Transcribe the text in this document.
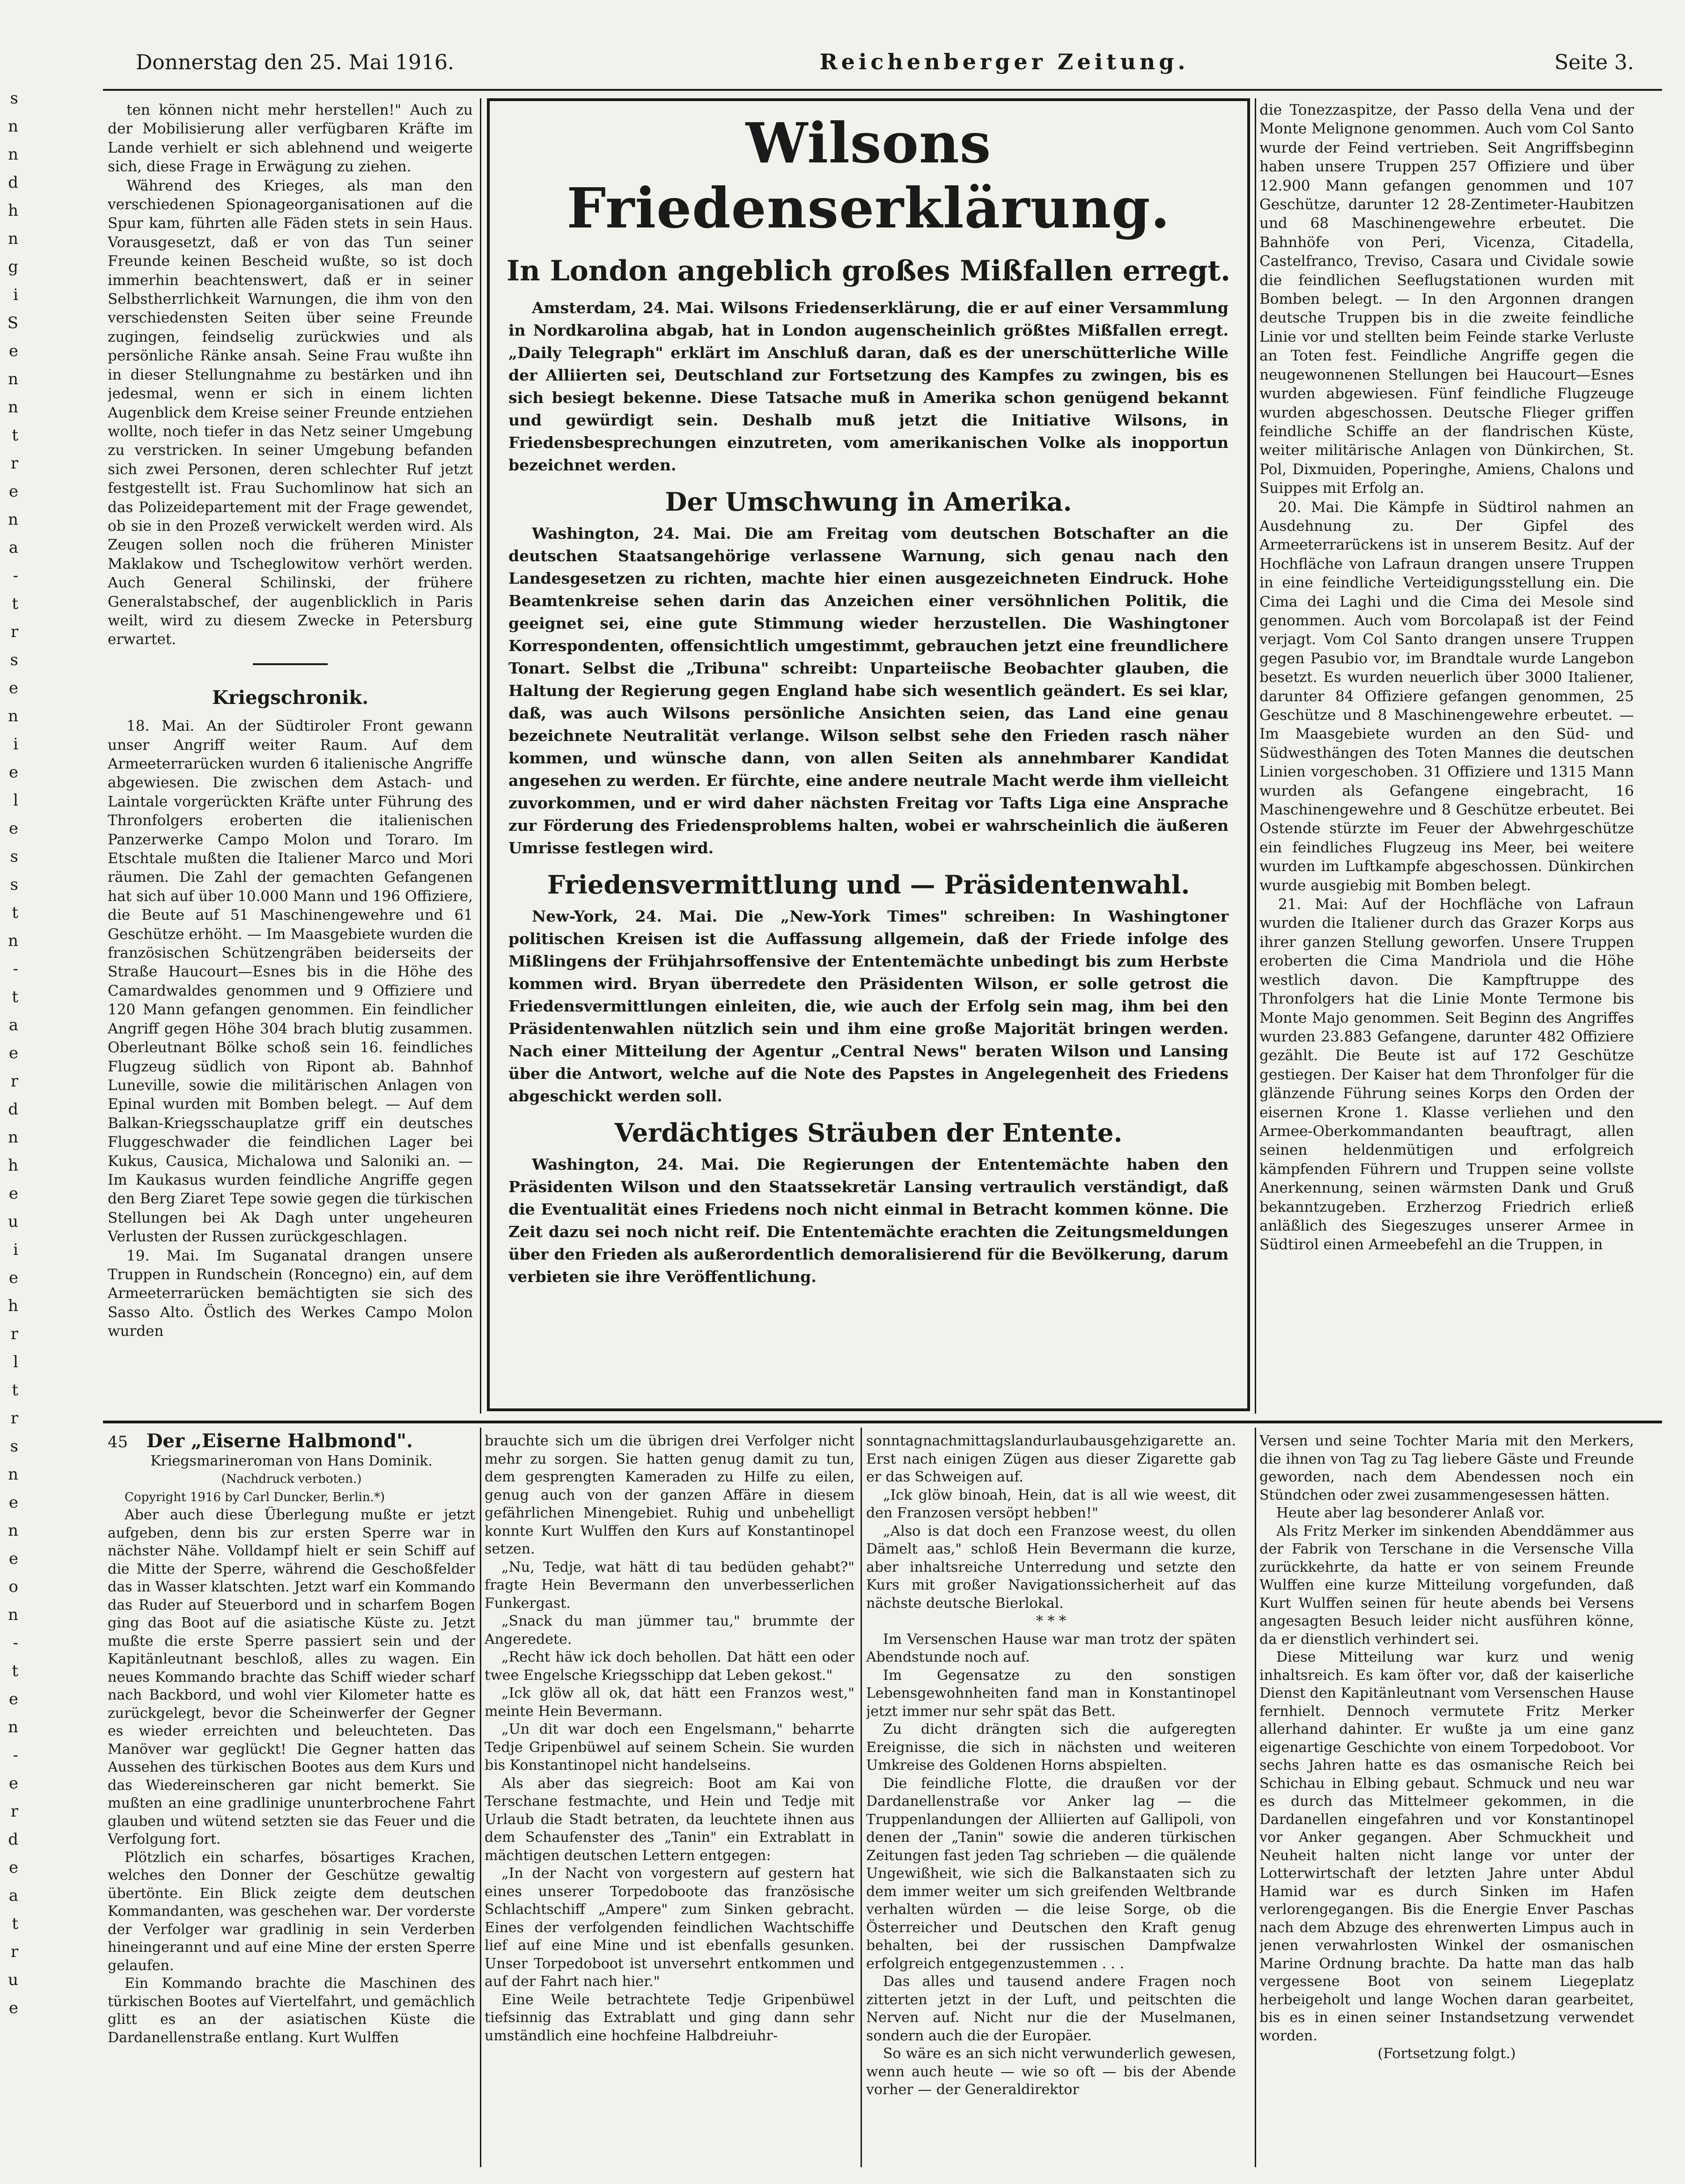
s
n
n
d
h
n
g
i
S
e
n
n
t
r
e
n
a
-
t
r
s
e
n
i
e
l
e
s
s
t
n
-
t
a
e
r
d
n
h
e
u
i
e
h
r
l
t
r
s
n
e
n
e
o
n
-
t
e
n
-
e
r
d
e
a
t
r
u
e
Donnerstag den 25. Mai 1916.	Reichenberger Zeitung.	Seite 3.

ten können nicht mehr herstellen!" Auch zu der Mobilisierung aller verfügbaren Kräfte im Lande verhielt er sich ablehnend und weigerte sich, diese Frage in Erwägung zu ziehen.

Während des Krieges, als man den verschiedenen Spionageorganisationen auf die Spur kam, führten alle Fäden stets in sein Haus. Vorausgesetzt, daß er von das Tun seiner Freunde keinen Bescheid wußte, so ist doch immerhin beachtenswert, daß er in seiner Selbstherrlichkeit Warnungen, die ihm von den verschiedensten Seiten über seine Freunde zugingen, feindselig zurückwies und als persönliche Ränke ansah. Seine Frau wußte ihn in dieser Stellungnahme zu bestärken und ihn jedesmal, wenn er sich in einem lichten Augenblick dem Kreise seiner Freunde entziehen wollte, noch tiefer in das Netz seiner Umgebung zu verstricken. In seiner Umgebung befanden sich zwei Personen, deren schlechter Ruf jetzt festgestellt ist. Frau Suchomlinow hat sich an das Polizeidepartement mit der Frage gewendet, ob sie in den Prozeß verwickelt werden wird. Als Zeugen sollen noch die früheren Minister Maklakow und Tscheglowitow verhört werden. Auch General Schilinski, der frühere Generalstabschef, der augenblicklich in Paris weilt, wird zu diesem Zwecke in Petersburg erwartet.

Kriegschronik.

18. Mai. An der Südtiroler Front gewann unser Angriff weiter Raum. Auf dem Armeeterrarücken wurden 6 italienische Angriffe abgewiesen. Die zwischen dem Astach- und Laintale vorgerückten Kräfte unter Führung des Thronfolgers eroberten die italienischen Panzerwerke Campo Molon und Toraro. Im Etschtale mußten die Italiener Marco und Mori räumen. Die Zahl der gemachten Gefangenen hat sich auf über 10.000 Mann und 196 Offiziere, die Beute auf 51 Maschinengewehre und 61 Geschütze erhöht. — Im Maasgebiete wurden die französischen Schützengräben beiderseits der Straße Haucourt—Esnes bis in die Höhe des Camardwaldes genommen und 9 Offiziere und 120 Mann gefangen genommen. Ein feindlicher Angriff gegen Höhe 304 brach blutig zusammen. Oberleutnant Bölke schoß sein 16. feindliches Flugzeug südlich von Ripont ab. Bahnhof Luneville, sowie die militärischen Anlagen von Epinal wurden mit Bomben belegt. — Auf dem Balkan-Kriegsschauplatze griff ein deutsches Fluggeschwader die feindlichen Lager bei Kukus, Causica, Michalowa und Saloniki an. — Im Kaukasus wurden feindliche Angriffe gegen den Berg Ziaret Tepe sowie gegen die türkischen Stellungen bei Ak Dagh unter ungeheuren Verlusten der Russen zurückgeschlagen.

19. Mai. Im Suganatal drangen unsere Truppen in Rundschein (Roncegno) ein, auf dem Armeeterrarücken bemächtigten sie sich des Sasso Alto. Östlich des Werkes Campo Molon wurden

Wilsons Friedenserklärung.
In London angeblich großes Mißfallen erregt.

Amsterdam, 24. Mai. Wilsons Friedenserklärung, die er auf einer Versammlung in Nordkarolina abgab, hat in London augenscheinlich größtes Mißfallen erregt. „Daily Telegraph" erklärt im Anschluß daran, daß es der unerschütterliche Wille der Alliierten sei, Deutschland zur Fortsetzung des Kampfes zu zwingen, bis es sich besiegt bekenne. Diese Tatsache muß in Amerika schon genügend bekannt und gewürdigt sein. Deshalb muß jetzt die Initiative Wilsons, in Friedensbesprechungen einzutreten, vom amerikanischen Volke als inopportun bezeichnet werden.

Der Umschwung in Amerika.

Washington, 24. Mai. Die am Freitag vom deutschen Botschafter an die deutschen Staatsangehörige verlassene Warnung, sich genau nach den Landesgesetzen zu richten, machte hier einen ausgezeichneten Eindruck. Hohe Beamtenkreise sehen darin das Anzeichen einer versöhnlichen Politik, die geeignet sei, eine gute Stimmung wieder herzustellen. Die Washingtoner Korrespondenten, offensichtlich umgestimmt, gebrauchen jetzt eine freundlichere Tonart. Selbst die „Tribuna" schreibt: Unparteiische Beobachter glauben, die Haltung der Regierung gegen England habe sich wesentlich geändert. Es sei klar, daß, was auch Wilsons persönliche Ansichten seien, das Land eine genau bezeichnete Neutralität verlange. Wilson selbst sehe den Frieden rasch näher kommen, und wünsche dann, von allen Seiten als annehmbarer Kandidat angesehen zu werden. Er fürchte, eine andere neutrale Macht werde ihm vielleicht zuvorkommen, und er wird daher nächsten Freitag vor Tafts Liga eine Ansprache zur Förderung des Friedensproblems halten, wobei er wahrscheinlich die äußeren Umrisse festlegen wird.

Friedensvermittlung und — Präsidentenwahl.

New-York, 24. Mai. Die „New-York Times" schreiben: In Washingtoner politischen Kreisen ist die Auffassung allgemein, daß der Friede infolge des Mißlingens der Frühjahrsoffensive der Ententemächte unbedingt bis zum Herbste kommen wird. Bryan überredete den Präsidenten Wilson, er solle getrost die Friedensvermittlungen einleiten, die, wie auch der Erfolg sein mag, ihm bei den Präsidentenwahlen nützlich sein und ihm eine große Majorität bringen werden. Nach einer Mitteilung der Agentur „Central News" beraten Wilson und Lansing über die Antwort, welche auf die Note des Papstes in Angelegenheit des Friedens abgeschickt werden soll.

Verdächtiges Sträuben der Entente.

Washington, 24. Mai. Die Regierungen der Ententemächte haben den Präsidenten Wilson und den Staatssekretär Lansing vertraulich verständigt, daß die Eventualität eines Friedens noch nicht einmal in Betracht kommen könne. Die Zeit dazu sei noch nicht reif. Die Ententemächte erachten die Zeitungsmeldungen über den Frieden als außerordentlich demoralisierend für die Bevölkerung, darum verbieten sie ihre Veröffentlichung.

die Tonezzaspitze, der Passo della Vena und der Monte Melignone genommen. Auch vom Col Santo wurde der Feind vertrieben. Seit Angriffsbeginn haben unsere Truppen 257 Offiziere und über 12.900 Mann gefangen genommen und 107 Geschütze, darunter 12 28-Zentimeter-Haubitzen und 68 Maschinengewehre erbeutet. Die Bahnhöfe von Peri, Vicenza, Citadella, Castelfranco, Treviso, Casara und Cividale sowie die feindlichen Seeflugstationen wurden mit Bomben belegt. — In den Argonnen drangen deutsche Truppen bis in die zweite feindliche Linie vor und stellten beim Feinde starke Verluste an Toten fest. Feindliche Angriffe gegen die neugewonnenen Stellungen bei Haucourt—Esnes wurden abgewiesen. Fünf feindliche Flugzeuge wurden abgeschossen. Deutsche Flieger griffen feindliche Schiffe an der flandrischen Küste, weiter militärische Anlagen von Dünkirchen, St. Pol, Dixmuiden, Poperinghe, Amiens, Chalons und Suippes mit Erfolg an.

20. Mai. Die Kämpfe in Südtirol nahmen an Ausdehnung zu. Der Gipfel des Armeeterrarückens ist in unserem Besitz. Auf der Hochfläche von Lafraun drangen unsere Truppen in eine feindliche Verteidigungsstellung ein. Die Cima dei Laghi und die Cima dei Mesole sind genommen. Auch vom Borcolapaß ist der Feind verjagt. Vom Col Santo drangen unsere Truppen gegen Pasubio vor, im Brandtale wurde Langebon besetzt. Es wurden neuerlich über 3000 Italiener, darunter 84 Offiziere gefangen genommen, 25 Geschütze und 8 Maschinengewehre erbeutet. — Im Maasgebiete wurden an den Süd- und Südwesthängen des Toten Mannes die deutschen Linien vorgeschoben. 31 Offiziere und 1315 Mann wurden als Gefangene eingebracht, 16 Maschinengewehre und 8 Geschütze erbeutet. Bei Ostende stürzte im Feuer der Abwehrgeschütze ein feindliches Flugzeug ins Meer, bei weitere wurden im Luftkampfe abgeschossen. Dünkirchen wurde ausgiebig mit Bomben belegt.

21. Mai: Auf der Hochfläche von Lafraun wurden die Italiener durch das Grazer Korps aus ihrer ganzen Stellung geworfen. Unsere Truppen eroberten die Cima Mandriola und die Höhe westlich davon. Die Kampftruppe des Thronfolgers hat die Linie Monte Termone bis Monte Majo genommen. Seit Beginn des Angriffes wurden 23.883 Gefangene, darunter 482 Offiziere gezählt. Die Beute ist auf 172 Geschütze gestiegen. Der Kaiser hat dem Thronfolger für die glänzende Führung seines Korps den Orden der eisernen Krone 1. Klasse verliehen und den Armee-Oberkommandanten beauftragt, allen seinen heldenmütigen und erfolgreich kämpfenden Führern und Truppen seine vollste Anerkennung, seinen wärmsten Dank und Gruß bekanntzugeben. Erzherzog Friedrich erließ anläßlich des Siegeszuges unserer Armee in Südtirol einen Armeebefehl an die Truppen, in

45 Der „Eiserne Halbmond".

Kriegsmarineroman von Hans Dominik.

(Nachdruck verboten.)

Copyright 1916 by Carl Duncker, Berlin.*)

Aber auch diese Überlegung mußte er jetzt aufgeben, denn bis zur ersten Sperre war in nächster Nähe. Volldampf hielt er sein Schiff auf die Mitte der Sperre, während die Geschoßfelder das in Wasser klatschten. Jetzt warf ein Kommando das Ruder auf Steuerbord und in scharfem Bogen ging das Boot auf die asiatische Küste zu. Jetzt mußte die erste Sperre passiert sein und der Kapitänleutnant beschloß, alles zu wagen. Ein neues Kommando brachte das Schiff wieder scharf nach Backbord, und wohl vier Kilometer hatte es zurückgelegt, bevor die Scheinwerfer der Gegner es wieder erreichten und beleuchteten. Das Manöver war geglückt! Die Gegner hatten das Aussehen des türkischen Bootes aus dem Kurs und das Wiedereinscheren gar nicht bemerkt. Sie mußten an eine gradlinige ununterbrochene Fahrt glauben und wütend setzten sie das Feuer und die Verfolgung fort.

Plötzlich ein scharfes, bösartiges Krachen, welches den Donner der Geschütze gewaltig übertönte. Ein Blick zeigte dem deutschen Kommandanten, was geschehen war. Der vorderste der Verfolger war gradlinig in sein Verderben hineingerannt und auf eine Mine der ersten Sperre gelaufen.

Ein Kommando brachte die Maschinen des türkischen Bootes auf Viertelfahrt, und gemächlich glitt es an der asiatischen Küste die Dardanellenstraße entlang. Kurt Wulffen

brauchte sich um die übrigen drei Verfolger nicht mehr zu sorgen. Sie hatten genug damit zu tun, dem gesprengten Kameraden zu Hilfe zu eilen, genug auch von der ganzen Affäre in diesem gefährlichen Minengebiet. Ruhig und unbehelligt konnte Kurt Wulffen den Kurs auf Konstantinopel setzen.

„Nu, Tedje, wat hätt di tau bedüden gehabt?" fragte Hein Bevermann den unverbesserlichen Funkergast.

„Snack du man jümmer tau," brummte der Angeredete.

„Recht häw ick doch behollen. Dat hätt een oder twee Engelsche Kriegsschipp dat Leben gekost."

„Ick glöw all ok, dat hätt een Franzos west," meinte Hein Bevermann.

„Un dit war doch een Engelsmann," beharrte Tedje Gripenbüwel auf seinem Schein. Sie wurden bis Konstantinopel nicht handelseins.

Als aber das siegreich: Boot am Kai von Terschane festmachte, und Hein und Tedje mit Urlaub die Stadt betraten, da leuchtete ihnen aus dem Schaufenster des „Tanin" ein Extrablatt in mächtigen deutschen Lettern entgegen:

„In der Nacht von vorgestern auf gestern hat eines unserer Torpedoboote das französische Schlachtschiff „Ampere" zum Sinken gebracht. Eines der verfolgenden feindlichen Wachtschiffe lief auf eine Mine und ist ebenfalls gesunken. Unser Torpedoboot ist unversehrt entkommen und auf der Fahrt nach hier."

Eine Weile betrachtete Tedje Gripenbüwel tiefsinnig das Extrablatt und ging dann sehr umständlich eine hochfeine Halbdreiuhr-

sonntagnachmittagslandurlaubausgehzigarette an. Erst nach einigen Zügen aus dieser Zigarette gab er das Schweigen auf.

„Ick glöw binoah, Hein, dat is all wie weest, dit den Franzosen versöpt hebben!"

„Also is dat doch een Franzose weest, du ollen Dämelt aas," schloß Hein Bevermann die kurze, aber inhaltsreiche Unterredung und setzte den Kurs mit großer Navigationssicherheit auf das nächste deutsche Bierlokal.

* * *

Im Versenschen Hause war man trotz der späten Abendstunde noch auf.

Im Gegensatze zu den sonstigen Lebensgewohnheiten fand man in Konstantinopel jetzt immer nur sehr spät das Bett.

Zu dicht drängten sich die aufgeregten Ereignisse, die sich in nächsten und weiteren Umkreise des Goldenen Horns abspielten.

Die feindliche Flotte, die draußen vor der Dardanellenstraße vor Anker lag — die Truppenlandungen der Alliierten auf Gallipoli, von denen der „Tanin" sowie die anderen türkischen Zeitungen fast jeden Tag schrieben — die quälende Ungewißheit, wie sich die Balkanstaaten sich zu dem immer weiter um sich greifenden Weltbrande verhalten würden — die leise Sorge, ob die Österreicher und Deutschen den Kraft genug behalten, bei der russischen Dampfwalze erfolgreich entgegenzustemmen . . .

Das alles und tausend andere Fragen noch zitterten jetzt in der Luft, und peitschten die Nerven auf. Nicht nur die der Muselmanen, sondern auch die der Europäer.

So wäre es an sich nicht verwunderlich gewesen, wenn auch heute — wie so oft — bis der Abende vorher — der Generaldirektor

Versen und seine Tochter Maria mit den Merkers, die ihnen von Tag zu Tag liebere Gäste und Freunde geworden, nach dem Abendessen noch ein Stündchen oder zwei zusammengesessen hätten.

Heute aber lag besonderer Anlaß vor.

Als Fritz Merker im sinkenden Abenddämmer aus der Fabrik von Terschane in die Versensche Villa zurückkehrte, da hatte er von seinem Freunde Wulffen eine kurze Mitteilung vorgefunden, daß Kurt Wulffen seinen für heute abends bei Versens angesagten Besuch leider nicht ausführen könne, da er dienstlich verhindert sei.

Diese Mitteilung war kurz und wenig inhaltsreich. Es kam öfter vor, daß der kaiserliche Dienst den Kapitänleutnant vom Versenschen Hause fernhielt. Dennoch vermutete Fritz Merker allerhand dahinter. Er wußte ja um eine ganz eigenartige Geschichte von einem Torpedoboot. Vor sechs Jahren hatte es das osmanische Reich bei Schichau in Elbing gebaut. Schmuck und neu war es durch das Mittelmeer gekommen, in die Dardanellen eingefahren und vor Konstantinopel vor Anker gegangen. Aber Schmuckheit und Neuheit halten nicht lange vor unter der Lotterwirtschaft der letzten Jahre unter Abdul Hamid war es durch Sinken im Hafen verlorengegangen. Bis die Energie Enver Paschas nach dem Abzuge des ehrenwerten Limpus auch in jenen verwahrlosten Winkel der osmanischen Marine Ordnung brachte. Da hatte man das halb vergessene Boot von seinem Liegeplatz herbeigeholt und lange Wochen daran gearbeitet, bis es in einen seiner Instandsetzung verwendet worden.

(Fortsetzung folgt.)
